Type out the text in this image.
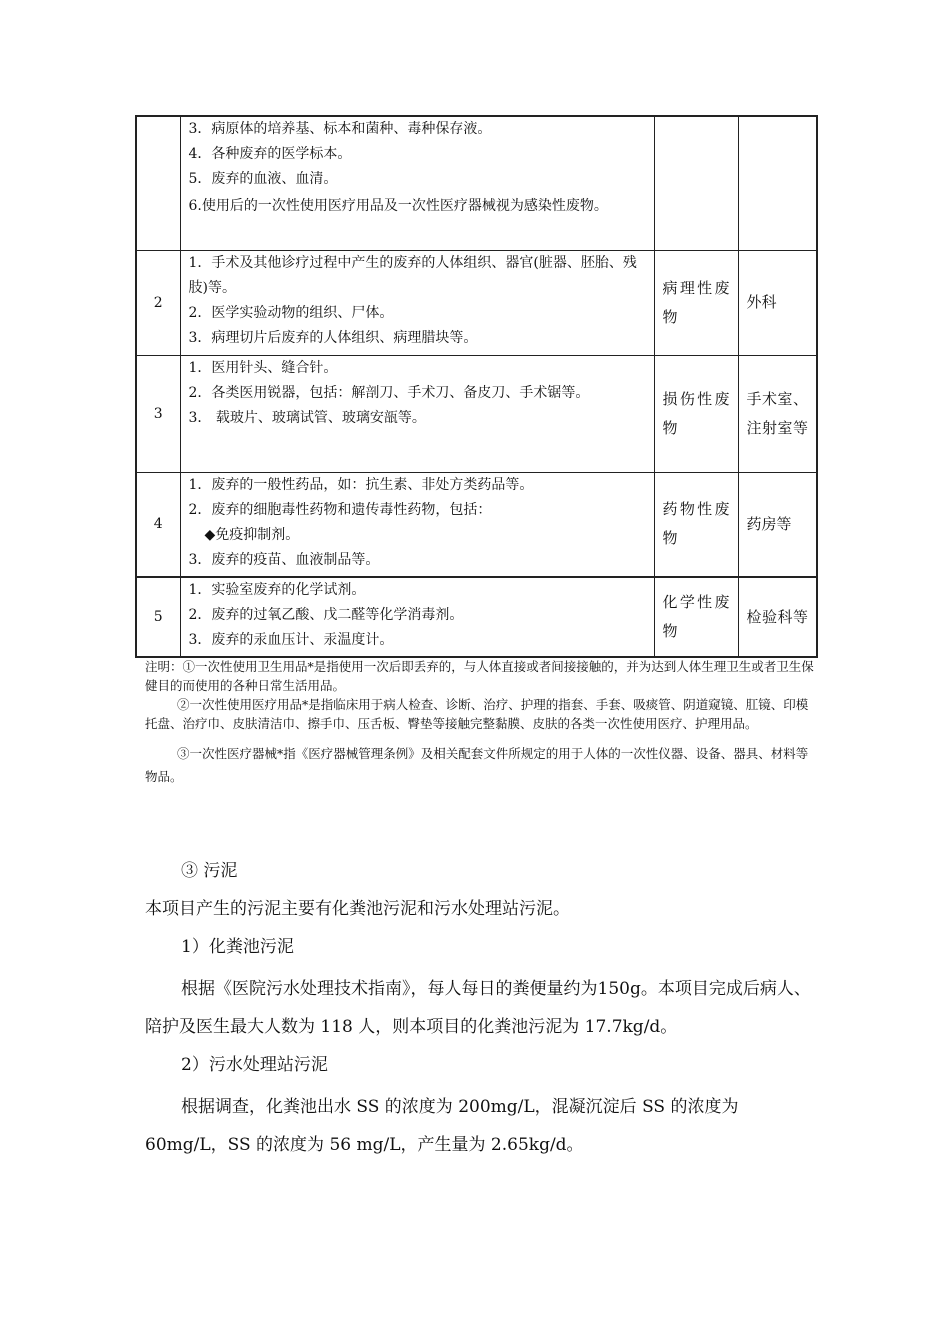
	3．病原体的培养基、标本和菌种、毒种保存液。
4．各种废弃的医学标本。
5．废弃的血液、血清。
6.使用后的一次性使用医疗用品及一次性医疗器械视为感染性废物。		

2	1．手术及其他诊疗过程中产生的废弃的人体组织、器官(脏器、胚胎、残肢)等。
2．医学实验动物的组织、尸体。
3．病理切片后废弃的人体组织、病理腊块等。	病理性废物	外科
3	1．医用针头、缝合针。
2．各类医用锐器，包括：解剖刀、手术刀、备皮刀、手术锯等。
3． 载玻片、玻璃试管、玻璃安瓿等。	损伤性废物	手术室、注射室等
4	1．废弃的一般性药品，如：抗生素、非处方类药品等。
2．废弃的细胞毒性药物和遗传毒性药物，包括：
◆免疫抑制剂。
3．废弃的疫苗、血液制品等。	药物性废物	药房等
5	1．实验室废弃的化学试剂。
2．废弃的过氧乙酸、戊二醛等化学消毒剂。
3．废弃的汞血压计、汞温度计。	化学性废物	检验科等

注明：①一次性使用卫生用品*是指使用一次后即丢弃的，与人体直接或者间接接触的，并为达到人体生理卫生或者卫生保健目的而使用的各种日常生活用品。

②一次性使用医疗用品*是指临床用于病人检查、诊断、治疗、护理的指套、手套、吸痰管、阴道窥镜、肛镜、印模托盘、治疗巾、皮肤清洁巾、擦手巾、压舌板、臀垫等接触完整黏膜、皮肤的各类一次性使用医疗、护理用品。

③一次性医疗器械*指《医疗器械管理条例》及相关配套文件所规定的用于人体的一次性仪器、设备、器具、材料等物品。

③ 污泥

本项目产生的污泥主要有化粪池污泥和污水处理站污泥。

1）化粪池污泥

根据《医院污水处理技术指南》，每人每日的粪便量约为150g。本项目完成后病人、陪护及医生最大人数为 118 人，则本项目的化粪池污泥为 17.7kg/d。

2）污水处理站污泥

根据调查，化粪池出水 SS 的浓度为 200mg/L，混凝沉淀后 SS 的浓度为 60mg/L，SS 的浓度为 56 mg/L，产生量为 2.65kg/d。
